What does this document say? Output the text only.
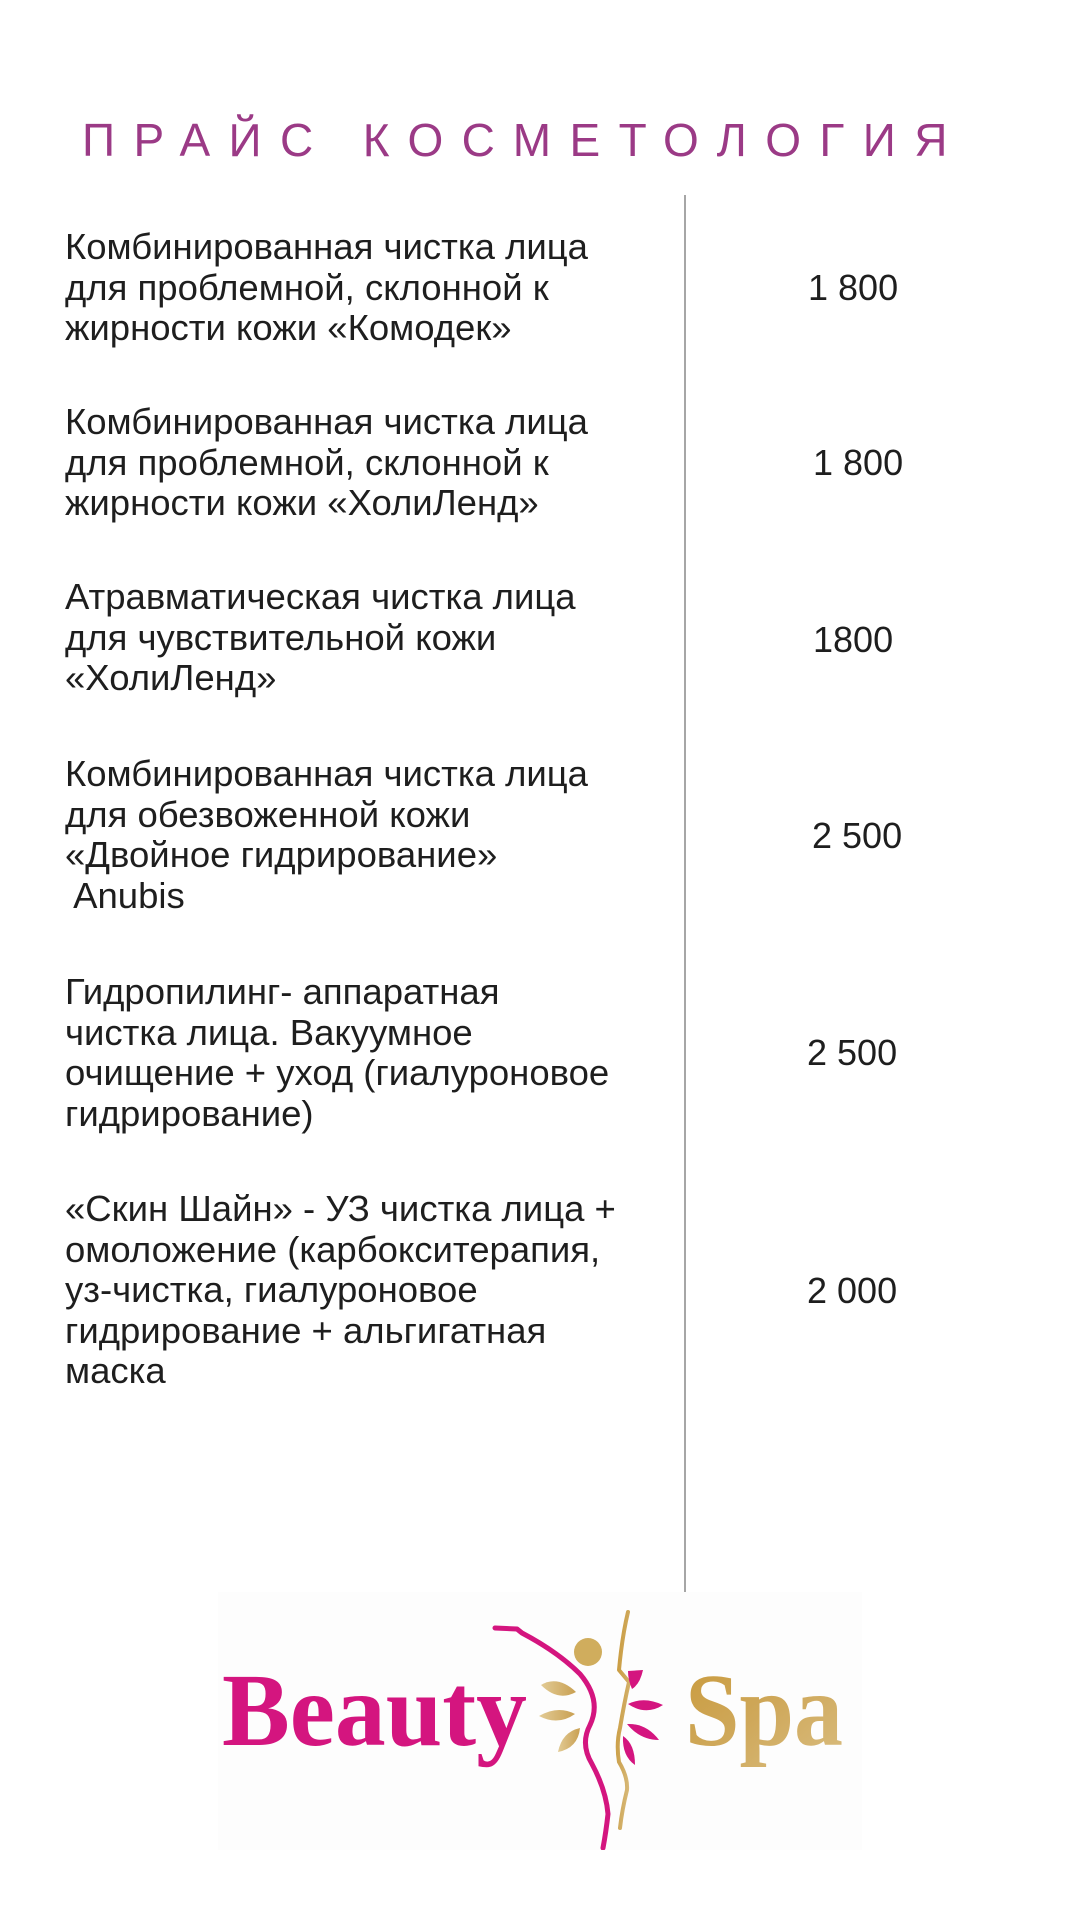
ПРАЙС КОСМЕТОЛОГИЯ
Комбинированная чистка лица
для проблемной, склонной к
жирности кожи «Комодек»
1 800
Комбинированная чистка лица
для проблемной, склонной к
жирности кожи «ХолиЛенд»
1 800
Атравматическая чистка лица
для чувствительной кожи
«ХолиЛенд»
1800
Комбинированная чистка лица
для обезвоженной кожи
«Двойное гидрирование»
Anubis
2 500
Гидропилинг- аппаратная
чистка лица. Вакуумное
очищение + уход (гиалуроновое
гидрирование)
2 500
«Скин Шайн» - УЗ чистка лица +
омоложение (карбокситерапия,
уз-чистка, гиалуроновое
гидрирование + альгигатная
маска
2 000
Beauty Spa
